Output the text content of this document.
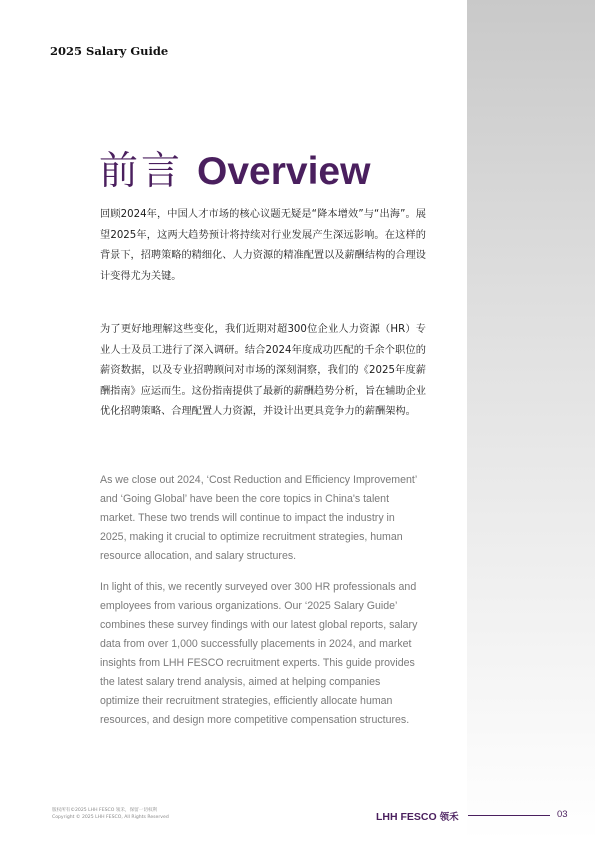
2025 Salary Guide
前言 Overview

回顾2024年，中国人才市场的核心议题无疑是“降本增效”与“出海”。展望2025年，这两大趋势预计将持续对行业发展产生深远影响。在这样的背景下，招聘策略的精细化、人力资源的精准配置以及薪酬结构的合理设计变得尤为关键。

为了更好地理解这些变化，我们近期对超300位企业人力资源（HR）专业人士及员工进行了深入调研。结合2024年度成功匹配的千余个职位的薪资数据，以及专业招聘顾问对市场的深刻洞察，我们的《2025年度薪酬指南》应运而生。这份指南提供了最新的薪酬趋势分析，旨在辅助企业优化招聘策略、合理配置人力资源，并设计出更具竞争力的薪酬架构。

As we close out 2024, ‘Cost Reduction and Efficiency Improvement’ and ‘Going Global’ have been the core topics in China's talent market. These two trends will continue to impact the industry in 2025, making it crucial to optimize recruitment strategies, human resource allocation, and salary structures.

In light of this, we recently surveyed over 300 HR professionals and employees from various organizations. Our ‘2025 Salary Guide’ combines these survey findings with our latest global reports, salary data from over 1,000 successfully placements in 2024, and market insights from LHH FESCO recruitment experts. This guide provides the latest salary trend analysis, aimed at helping companies optimize their recruitment strategies, efficiently allocate human resources, and design more competitive compensation structures.

版权所有©2025 LHH FESCO 领禾，保留一切权利
Copyright © 2025 LHH FESCO, All Rights Reserved	LHH FESCO 领禾	03
